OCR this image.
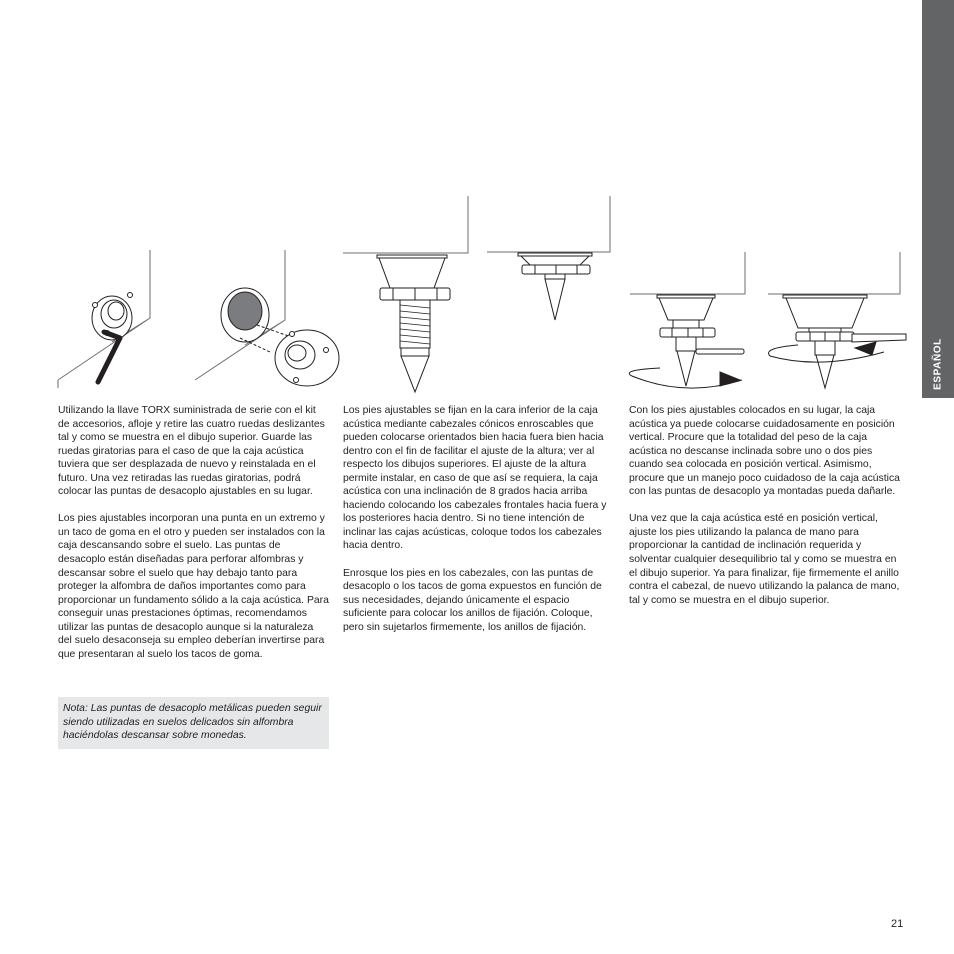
ESPAÑOL

Utilizando la llave TORX suministrada de serie con el kit de accesorios, afloje y retire las cuatro ruedas deslizantes tal y como se muestra en el dibujo superior. Guarde las ruedas giratorias para el caso de que la caja acústica tuviera que ser desplazada de nuevo y reinstalada en el futuro. Una vez retiradas las ruedas giratorias, podrá colocar las puntas de desacoplo ajustables en su lugar.

Los pies ajustables incorporan una punta en un extremo y un taco de goma en el otro y pueden ser instalados con la caja descansando sobre el suelo. Las puntas de desacoplo están diseñadas para perforar alfombras y descansar sobre el suelo que hay debajo tanto para proteger la alfombra de daños importantes como para proporcionar un fundamento sólido a la caja acústica. Para conseguir unas prestaciones óptimas, recomendamos utilizar las puntas de desacoplo aunque si la naturaleza del suelo desaconseja su empleo deberían invertirse para que presentaran al suelo los tacos de goma.

Nota: Las puntas de desacoplo metálicas pueden seguir siendo utilizadas en suelos delicados sin alfombra haciéndolas descansar sobre monedas.

Los pies ajustables se fijan en la cara inferior de la caja acústica mediante cabezales cónicos enroscables que pueden colocarse orientados bien hacia fuera bien hacia dentro con el fin de facilitar el ajuste de la altura; ver al respecto los dibujos superiores. El ajuste de la altura permite instalar, en caso de que así se requiera, la caja acústica con una inclinación de 8 grados hacia arriba haciendo colocando los cabezales frontales hacia fuera y los posteriores hacia dentro. Si no tiene intención de inclinar las cajas acústicas, coloque todos los cabezales hacia dentro.

Enrosque los pies en los cabezales, con las puntas de desacoplo o los tacos de goma expuestos en función de sus necesidades, dejando únicamente el espacio suficiente para colocar los anillos de fijación. Coloque, pero sin sujetarlos firmemente, los anillos de fijación.

Con los pies ajustables colocados en su lugar, la caja acústica ya puede colocarse cuidadosamente en posición vertical. Procure que la totalidad del peso de la caja acústica no descanse inclinada sobre uno o dos pies cuando sea colocada en posición vertical. Asimismo, procure que un manejo poco cuidadoso de la caja acústica con las puntas de desacoplo ya montadas pueda dañarle.

Una vez que la caja acústica esté en posición vertical, ajuste los pies utilizando la palanca de mano para proporcionar la cantidad de inclinación requerida y solventar cualquier desequilibrio tal y como se muestra en el dibujo superior. Ya para finalizar, fije firmemente el anillo contra el cabezal, de nuevo utilizando la palanca de mano, tal y como se muestra en el dibujo superior.

21
